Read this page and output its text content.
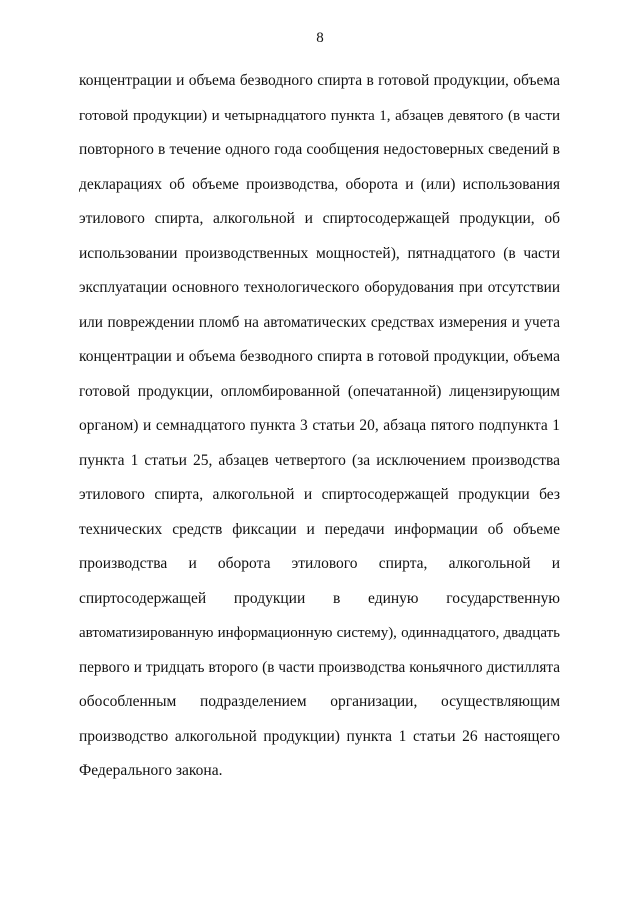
8
концентрации и объема безводного спирта в готовой продукции, объема
готовой продукции) и четырнадцатого пункта 1, абзацев девятого (в части
повторного в течение одного года сообщения недостоверных сведений в
декларациях об объеме производства, оборота и (или) использования
этилового спирта, алкогольной и спиртосодержащей продукции, об
использовании производственных мощностей), пятнадцатого (в части
эксплуатации основного технологического оборудования при отсутствии
или повреждении пломб на автоматических средствах измерения и учета
концентрации и объема безводного спирта в готовой продукции, объема
готовой продукции, опломбированной (опечатанной) лицензирующим
органом) и семнадцатого пункта 3 статьи 20, абзаца пятого подпункта 1
пункта 1 статьи 25, абзацев четвертого (за исключением производства
этилового спирта, алкогольной и спиртосодержащей продукции без
технических средств фиксации и передачи информации об объеме
производства и оборота этилового спирта, алкогольной и
спиртосодержащей продукции в единую государственную
автоматизированную информационную систему), одиннадцатого, двадцать
первого и тридцать второго (в части производства коньячного дистиллята
обособленным подразделением организации, осуществляющим
производство алкогольной продукции) пункта 1 статьи 26 настоящего
Федерального закона.
